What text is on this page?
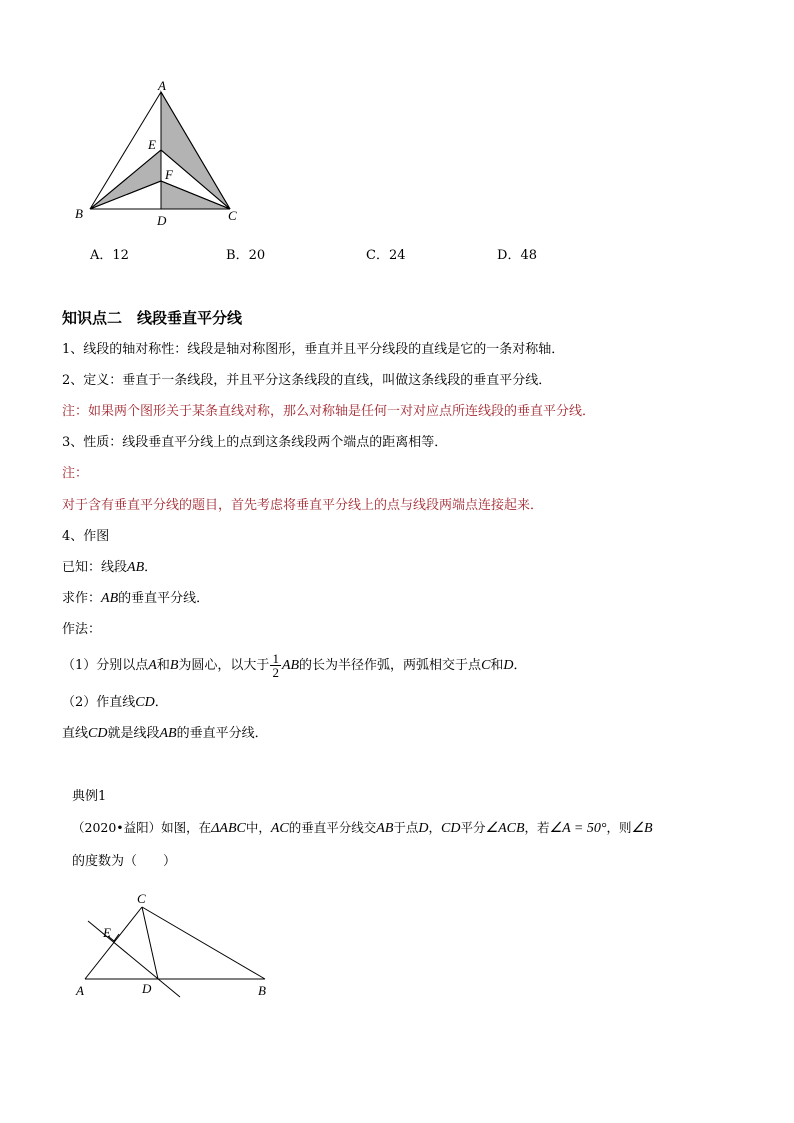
A
E
F
B	D	C
A．12	B．20	C．24	D．48
知识点二　线段垂直平分线
1、线段的轴对称性：线段是轴对称图形，垂直并且平分线段的直线是它的一条对称轴．
2、定义：垂直于一条线段，并且平分这条线段的直线，叫做这条线段的垂直平分线．
注：如果两个图形关于某条直线对称，那么对称轴是任何一对对应点所连线段的垂直平分线．
3、性质：线段垂直平分线上的点到这条线段两个端点的距离相等．
注：
对于含有垂直平分线的题目，首先考虑将垂直平分线上的点与线段两端点连接起来．
4、作图
已知：线段AB．
求作：AB的垂直平分线．
作法：
（1）分别以点A和B为圆心，以大于 $\frac{1}{2}$ AB的长为半径作弧，两弧相交于点C和D．
（2）作直线CD．
直线CD就是线段AB的垂直平分线．
典例1
（2020•益阳）如图，在ΔABC中，AC的垂直平分线交AB于点D，CD平分∠ACB，若∠A = 50°，则∠B
的度数为（　　）
C
E
A	D	B
